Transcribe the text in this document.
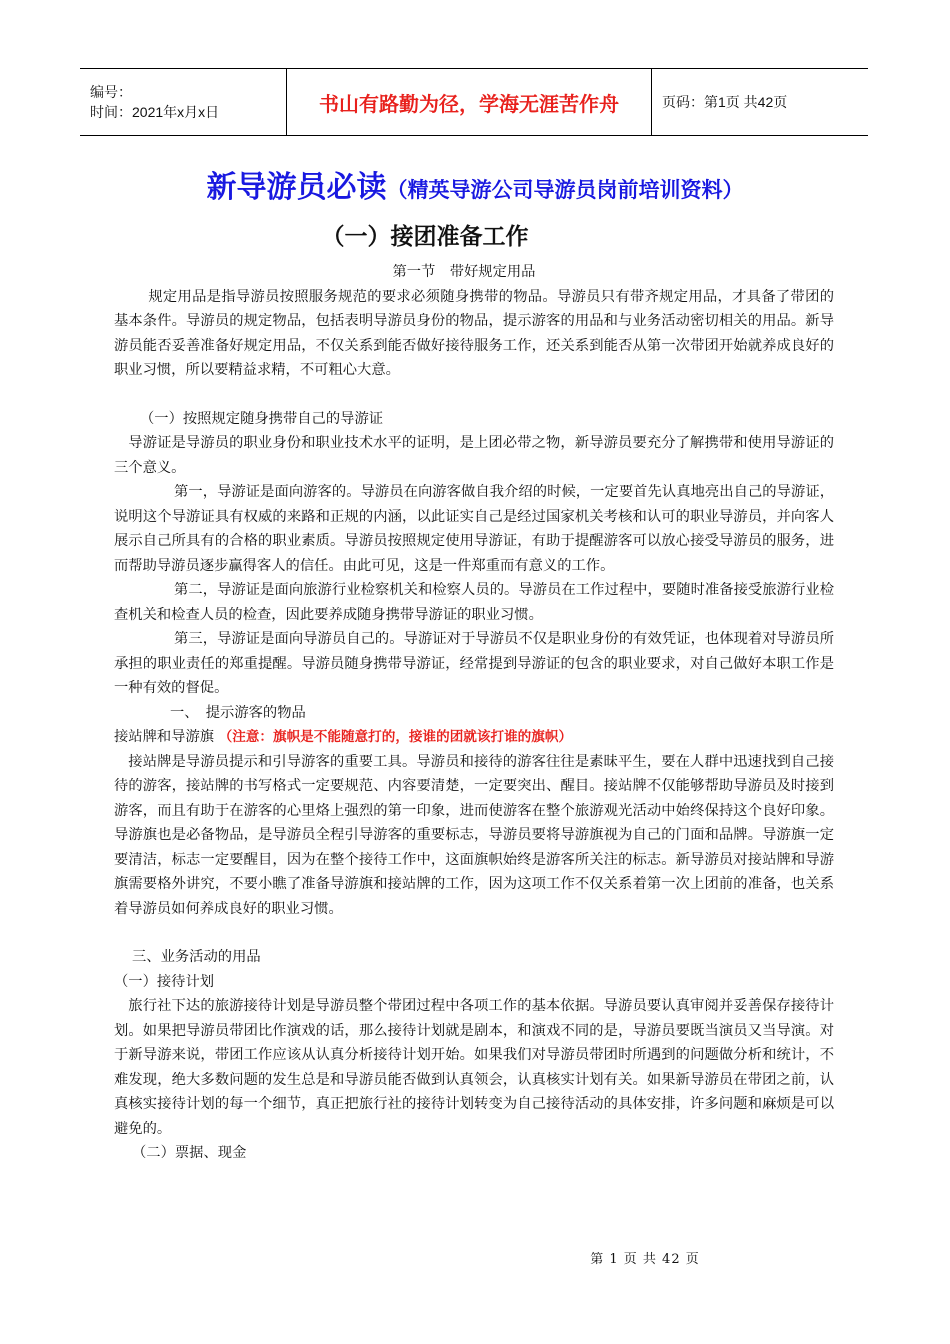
编号：
时间：2021年x月x日	书山有路勤为径，学海无涯苦作舟	页码：第1页 共42页
新导游员必读（精英导游公司导游员岗前培训资料）
（一）接团准备工作

第一节　带好规定用品

规定用品是指导游员按照服务规范的要求必须随身携带的物品。导游员只有带齐规定用品，才具备了带团的基本条件。导游员的规定物品，包括表明导游员身份的物品，提示游客的用品和与业务活动密切相关的用品。新导游员能否妥善准备好规定用品，不仅关系到能否做好接待服务工作，还关系到能否从第一次带团开始就养成良好的职业习惯，所以要精益求精，不可粗心大意。

（一）按照规定随身携带自己的导游证

导游证是导游员的职业身份和职业技术水平的证明，是上团必带之物，新导游员要充分了解携带和使用导游证的三个意义。

第一，导游证是面向游客的。导游员在向游客做自我介绍的时候，一定要首先认真地亮出自己的导游证，说明这个导游证具有权威的来路和正规的内涵，以此证实自己是经过国家机关考核和认可的职业导游员，并向客人展示自己所具有的合格的职业素质。导游员按照规定使用导游证，有助于提醒游客可以放心接受导游员的服务，进而帮助导游员逐步赢得客人的信任。由此可见，这是一件郑重而有意义的工作。

第二，导游证是面向旅游行业检察机关和检察人员的。导游员在工作过程中，要随时准备接受旅游行业检查机关和检查人员的检查，因此要养成随身携带导游证的职业习惯。

第三，导游证是面向导游员自己的。导游证对于导游员不仅是职业身份的有效凭证，也体现着对导游员所承担的职业责任的郑重提醒。导游员随身携带导游证，经常提到导游证的包含的职业要求，对自己做好本职工作是一种有效的督促。

一、　提示游客的物品

接站牌和导游旗 （注意：旗帜是不能随意打的，接谁的团就该打谁的旗帜）

接站牌是导游员提示和引导游客的重要工具。导游员和接待的游客往往是素昧平生，要在人群中迅速找到自己接待的游客，接站牌的书写格式一定要规范、内容要清楚，一定要突出、醒目。接站牌不仅能够帮助导游员及时接到游客，而且有助于在游客的心里烙上强烈的第一印象，进而使游客在整个旅游观光活动中始终保持这个良好印象。导游旗也是必备物品，是导游员全程引导游客的重要标志，导游员要将导游旗视为自己的门面和品牌。导游旗一定要清洁，标志一定要醒目，因为在整个接待工作中，这面旗帜始终是游客所关注的标志。新导游员对接站牌和导游旗需要格外讲究，不要小瞧了准备导游旗和接站牌的工作，因为这项工作不仅关系着第一次上团前的准备，也关系着导游员如何养成良好的职业习惯。

三、业务活动的用品

（一）接待计划

旅行社下达的旅游接待计划是导游员整个带团过程中各项工作的基本依据。导游员要认真审阅并妥善保存接待计划。如果把导游员带团比作演戏的话，那么接待计划就是剧本，和演戏不同的是，导游员要既当演员又当导演。对于新导游来说，带团工作应该从认真分析接待计划开始。如果我们对导游员带团时所遇到的问题做分析和统计，不难发现，绝大多数问题的发生总是和导游员能否做到认真领会，认真核实计划有关。如果新导游员在带团之前，认真核实接待计划的每一个细节，真正把旅行社的接待计划转变为自己接待活动的具体安排，许多问题和麻烦是可以避免的。

（二）票据、现金

第 1 页 共 42 页
